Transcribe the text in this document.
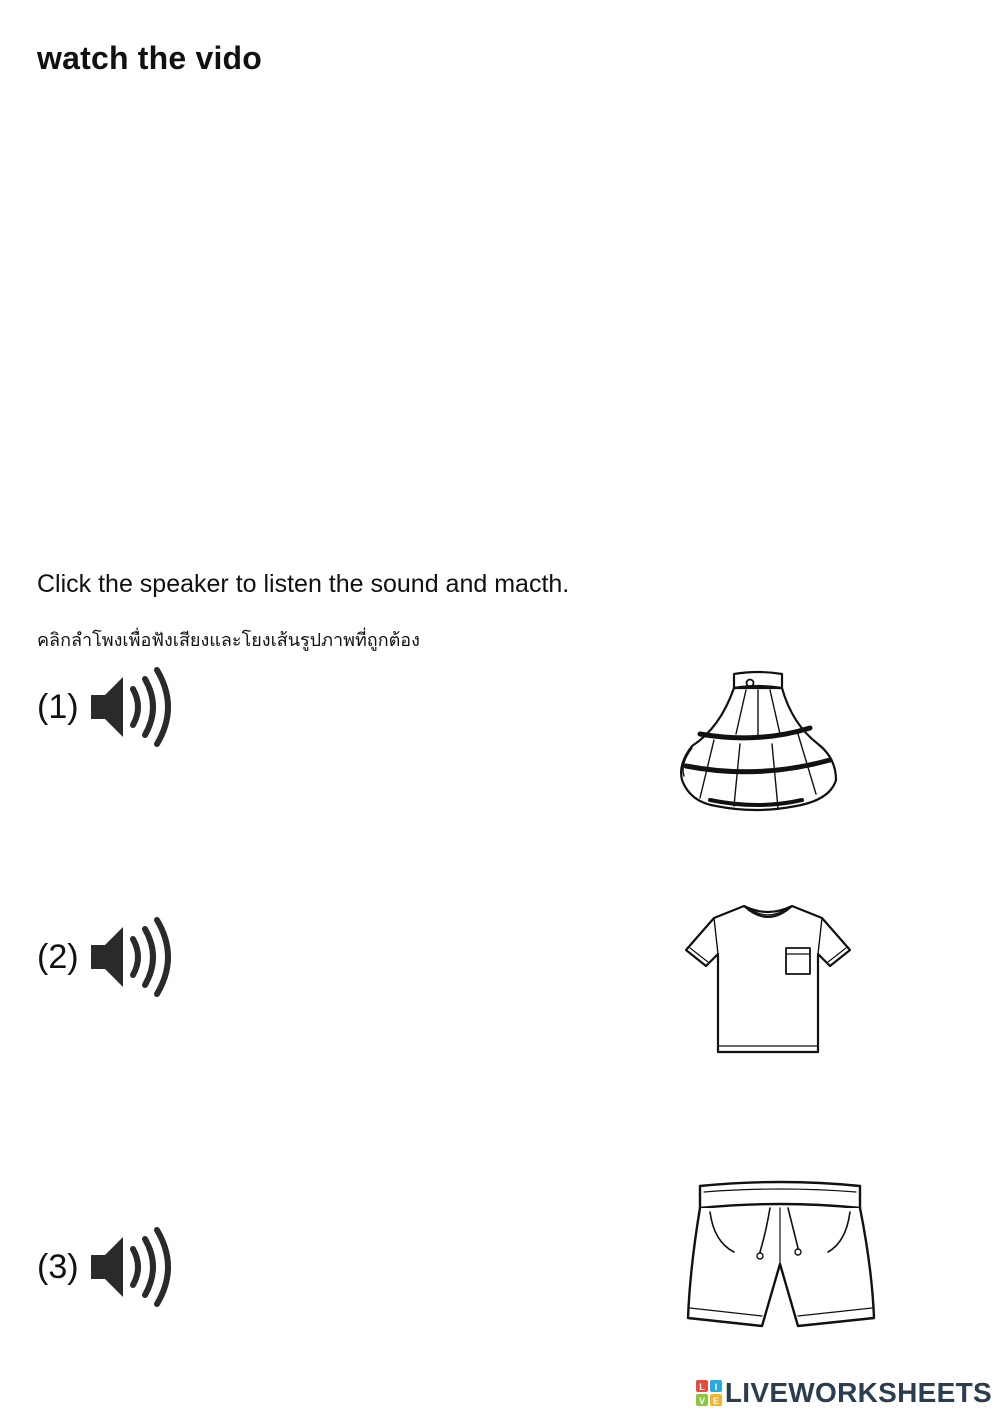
watch the vido
Click the speaker to listen the sound and macth.
คลิกลำโพงเพื่อฟังเสียงและโยงเส้นรูปภาพที่ถูกต้อง
(1)
(2)
(3)
L I
V E LIVEWORKSHEETS
